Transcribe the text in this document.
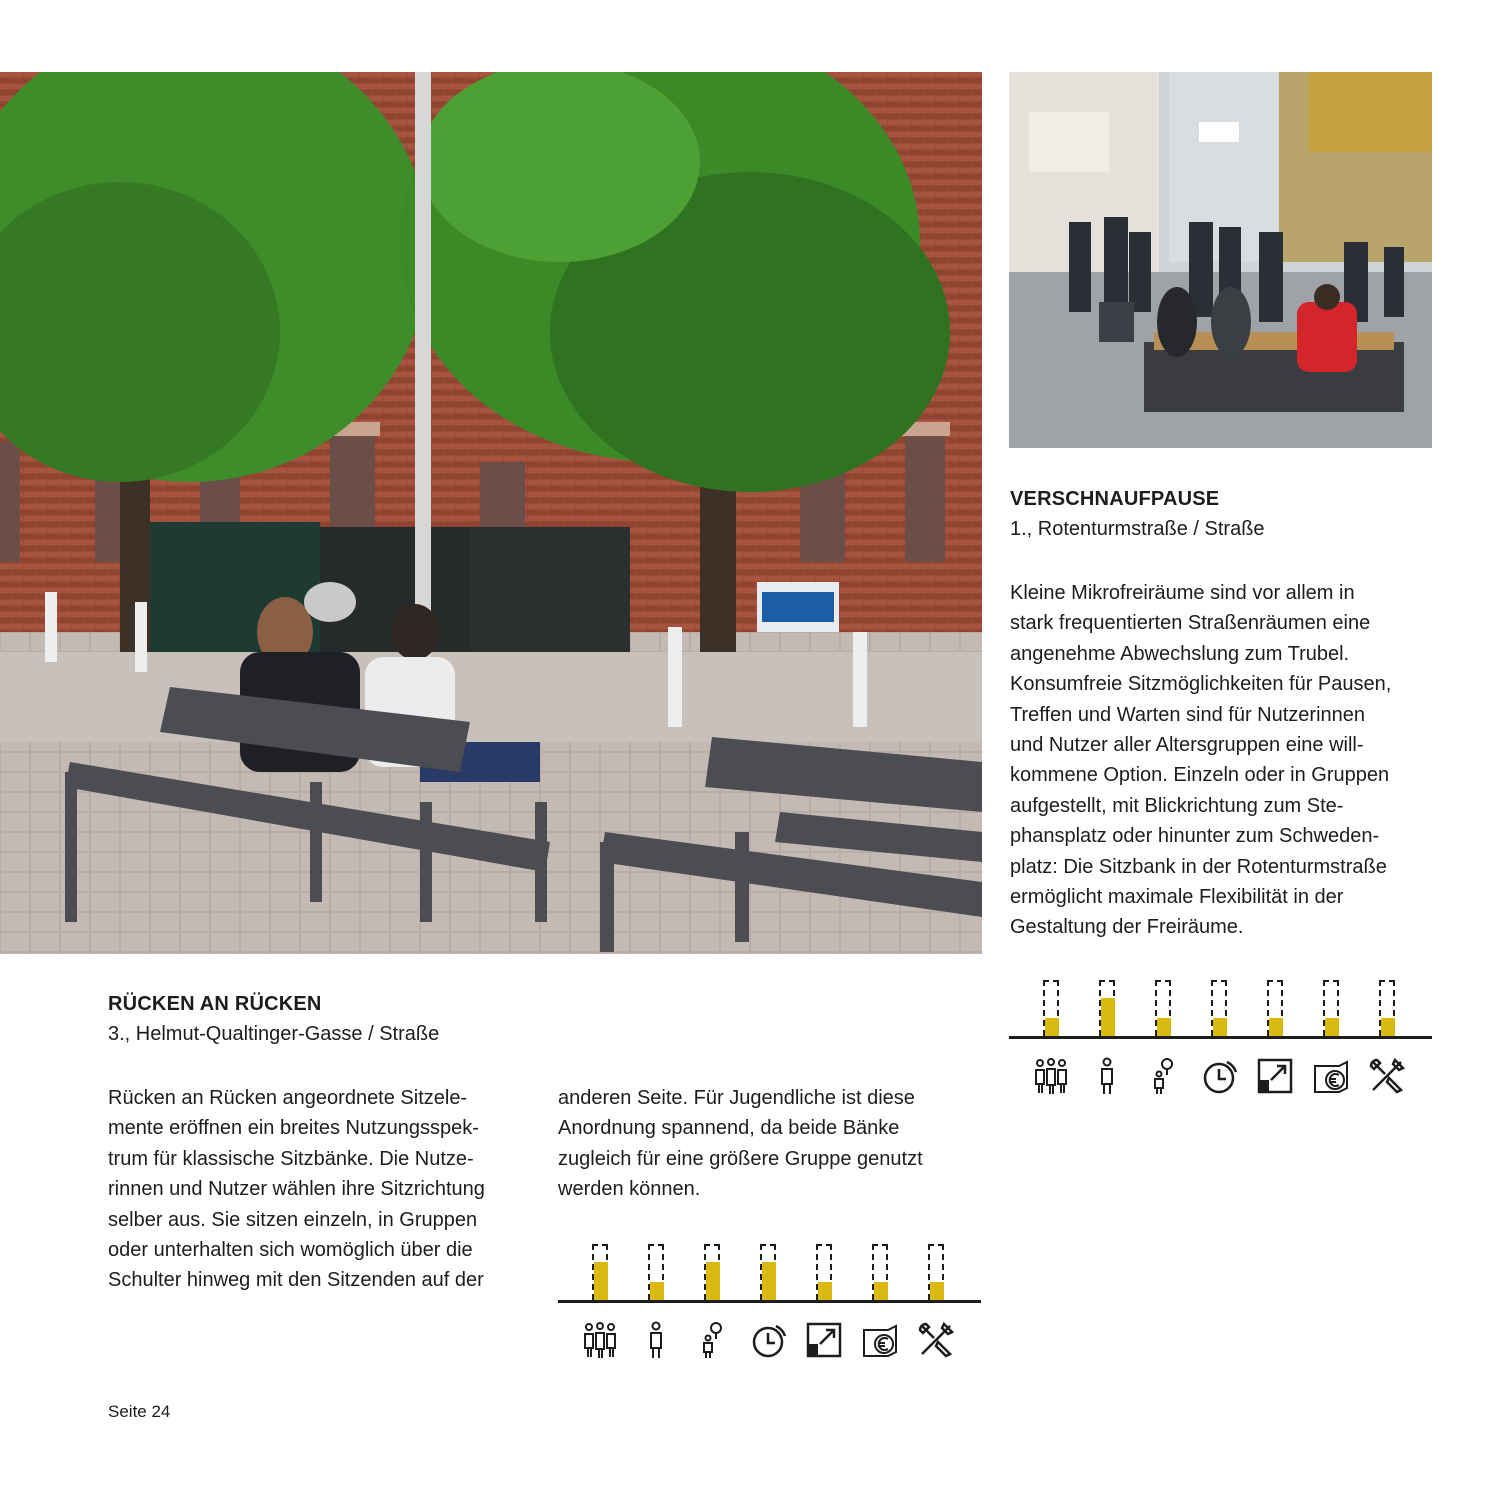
VERSCHNAUFPAUSE

1., Rotenturmstraße / Straße

Kleine Mikrofreiräume sind vor allem in
stark frequentierten Straßenräumen eine
angenehme Abwechslung zum Trubel.
Konsumfreie Sitzmöglichkeiten für Pausen,
Treffen und Warten sind für Nutzerinnen
und Nutzer aller Altersgruppen eine will-
kommene Option. Einzeln oder in Gruppen
aufgestellt, mit Blickrichtung zum Ste-
phansplatz oder hinunter zum Schweden-
platz: Die Sitzbank in der Rotenturmstraße
ermöglicht maximale Flexibilität in der
Gestaltung der Freiräume.

RÜCKEN AN RÜCKEN

3., Helmut-Qualtinger-Gasse / Straße

Rücken an Rücken angeordnete Sitzele-
mente eröffnen ein breites Nutzungsspek-
trum für klassische Sitzbänke. Die Nutze-
rinnen und Nutzer wählen ihre Sitzrichtung
selber aus. Sie sitzen einzeln, in Gruppen
oder unterhalten sich womöglich über die
Schulter hinweg mit den Sitzenden auf der

anderen Seite. Für Jugendliche ist diese
Anordnung spannend, da beide Bänke
zugleich für eine größere Gruppe genutzt
werden können.

Seite 24
